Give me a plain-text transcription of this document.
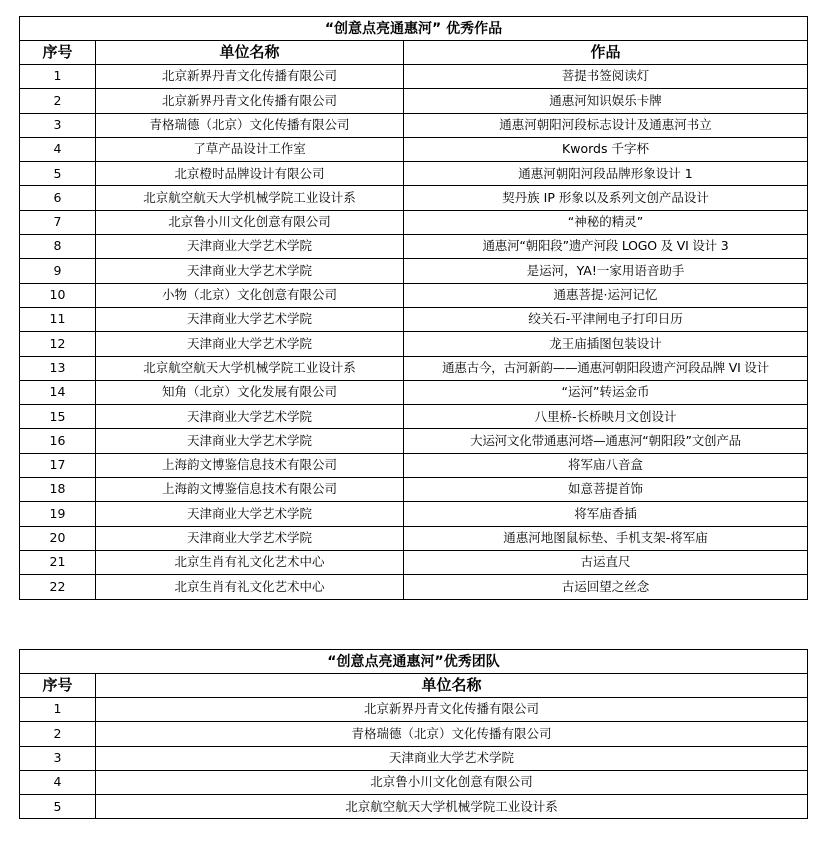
“创意点亮通惠河” 优秀作品		
序号	单位名称	作品
1	北京新界丹青文化传播有限公司	菩提书签阅读灯
2	北京新界丹青文化传播有限公司	通惠河知识娱乐卡牌
3	青格瑞德（北京）文化传播有限公司	通惠河朝阳河段标志设计及通惠河书立
4	了草产品设计工作室	Kwords 千字杯
5	北京橙时品牌设计有限公司	通惠河朝阳河段品牌形象设计 1
6	北京航空航天大学机械学院工业设计系	契丹族 IP 形象以及系列文创产品设计
7	北京鲁小川文化创意有限公司	“神秘的精灵”
8	天津商业大学艺术学院	通惠河“朝阳段”遗产河段 LOGO 及 VI 设计 3
9	天津商业大学艺术学院	是运河，YA!一家用语音助手
10	小物（北京）文化创意有限公司	通惠菩提·运河记忆
11	天津商业大学艺术学院	绞关石-平津闸电子打印日历
12	天津商业大学艺术学院	龙王庙插图包装设计
13	北京航空航天大学机械学院工业设计系	通惠古今，古河新韵——通惠河朝阳段遗产河段品牌 VI 设计
14	知角（北京）文化发展有限公司	“运河”转运金币
15	天津商业大学艺术学院	八里桥-长桥映月文创设计
16	天津商业大学艺术学院	大运河文化带通惠河塔—通惠河“朝阳段”文创产品
17	上海韵文博鉴信息技术有限公司	将军庙八音盒
18	上海韵文博鉴信息技术有限公司	如意菩提首饰
19	天津商业大学艺术学院	将军庙香插
20	天津商业大学艺术学院	通惠河地图鼠标垫、手机支架-将军庙
21	北京生肖有礼文化艺术中心	古运直尺
22	北京生肖有礼文化艺术中心	古运回望之丝念
“创意点亮通惠河”优秀团队	
序号	单位名称
1	北京新界丹青文化传播有限公司
2	青格瑞德（北京）文化传播有限公司
3	天津商业大学艺术学院
4	北京鲁小川文化创意有限公司
5	北京航空航天大学机械学院工业设计系
